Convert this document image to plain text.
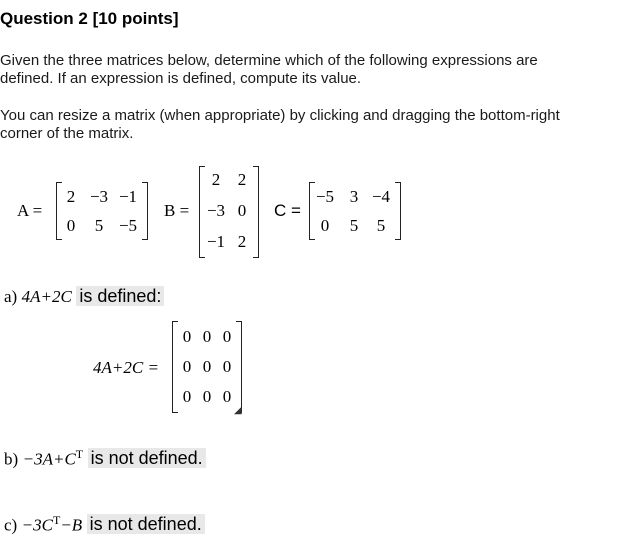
Question 2 [10 points]
Given the three matrices below, determine which of the following expressions are
defined. If an expression is defined, compute its value.
You can resize a matrix (when appropriate) by clicking and dragging the bottom-right
corner of the matrix.
A =
2 −3 −1
0	5 −5
B =
2	2
−3 0
−1 2
C =
−5 3 −4
0	5	5
a) 4A+2C is defined:
4A+2C =
0 0 0
0 0 0
0 0 0
◢
$b) -3A+C^T$ is not defined.
$c) -3C^T-B$ is not defined.
